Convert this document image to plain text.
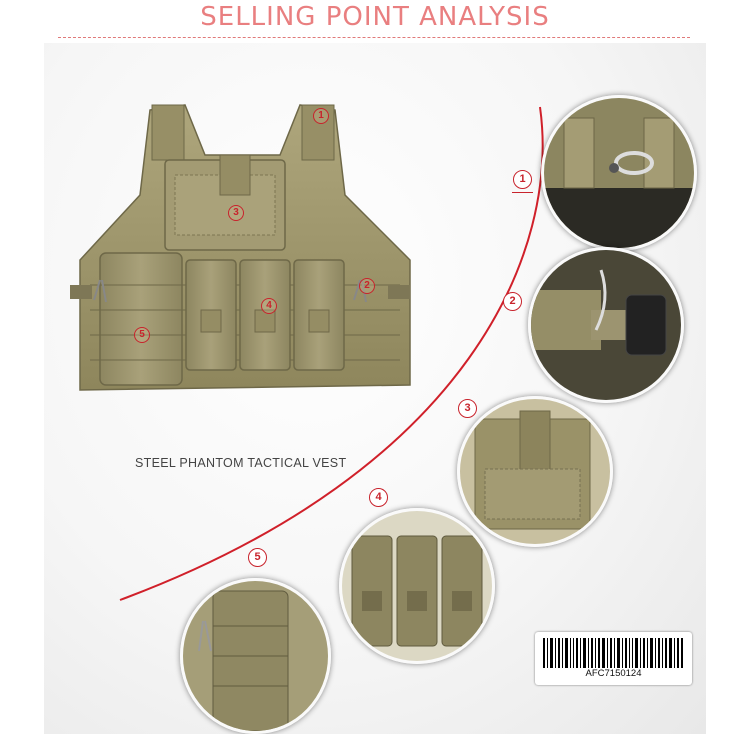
SELLING POINT ANALYSIS
1
2
3
4
5
STEEL PHANTOM TACTICAL VEST
1
2
3
4
5
AFC7150124
